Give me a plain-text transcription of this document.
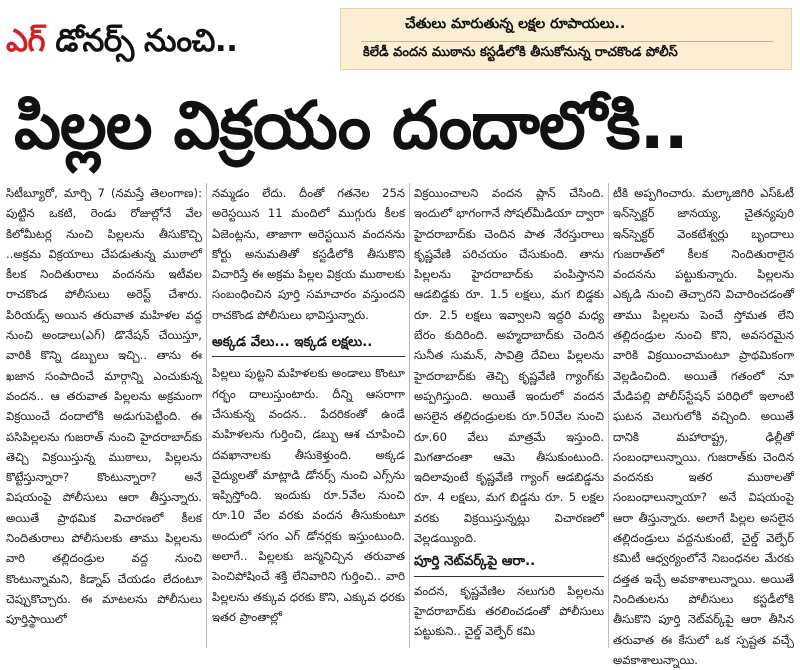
ఎగ్ డోనర్స్ నుంచి..	చేతులు మారుతున్న లక్షల రూపాయలు..
కిలేడీ వందన ముఠాను కస్టడీలోకి తీసుకోనున్న రాచకొండ పోలీస్
పిల్లల విక్రయం దందాలోకి..

సిటీబ్యూరో, మార్చి 7 (నమస్తే తెలంగాణ): పుట్టిన ఒకటి, రెండు రోజుల్లోనే వేల కిలోమీటర్ల నుంచి పిల్లలను తీసుకొచ్చి ..అక్రమ విక్రయాలు చేపడుతున్న ముఠాలో కీలక నిందితురాలు వందనను ఇటీవల రాచకొండ పోలీసులు అరెస్ట్ చేశారు. పిరియడ్స్ అయిన తరువాత మహిళల వద్ద నుంచి అండాలు(ఎగ్) డొనేషన్ చేయిస్తూ, వారికి కొన్ని డబ్బులు ఇచ్చి.. తాను ఈ ఖజాన సంపాదించే మార్గాన్ని ఎంచుకున్న వందన.. ఆ తరువాత పిల్లలను అక్రమంగా విక్రయించే దందాలోకి అడుగుపెట్టింది. ఈ పసిపిల్లలను గుజరాత్ నుంచి హైదరాబాద్‌కు తెచ్చి విక్రయిస్తున్న ముఠాలు, పిల్లలను కొట్టేస్తున్నారా? కొంటున్నారా? అనే విషయంపై పోలీసులు ఆరా తీస్తున్నారు. అయితే ప్రాథమిక విచారణలో కీలక నిందితురాలు పోలీసులకు తాము పిల్లలను వారి తల్లిదండ్రుల వద్ద నుంచి కొంటున్నామని, కిడ్నాప్ చేయడం లేదంటూ చెప్పుకొచ్చారు. ఈ మాటలను పోలీసులు పూర్తిస్థాయిలో

నమ్మడం లేదు. దీంతో గతనెల 25న అరెస్టయిన 11 మందిలో ముగ్గురు కీలక ఏజెంట్లను, తాజాగా అరెస్టయిన వందనను కోర్టు అనుమతితో కస్టడీలోకి తీసుకొని విచారిస్తే ఈ అక్రమ పిల్లల విక్రయ ముఠాలకు సంబంధించిన పూర్తి సమాచారం వస్తుందని రాచకొండ పోలీసులు భావిస్తున్నారు.

అక్కడ వేలు... ఇక్కడ లక్షలు..

పిల్లలు పుట్టని మహిళలకు అండాలు కొంటూ గర్భం దాలుస్తుంటారు. దీన్ని ఆసరాగా చేసుకున్న వందన.. పేదరికంతో ఉండే మహిళలను గుర్తించి, డబ్బు ఆశ చూపించి దవఖానాలకు తీసుకెళ్తుంది. అక్కడ వైద్యులతో మాట్లాడి డోనర్స్ నుంచి ఎగ్స్‌ను ఇప్పిస్తోంది. ఇందుకు రూ.5వేల నుంచి రూ.10 వేల వరకు వందన తీసుకుంటూ అందులో సగం ఎగ్ డోనర్లకు ఇస్తుంటుంది. అలాగే.. పిల్లలకు జన్మనిచ్చిన తరువాత పెంచిపోషించే శక్తి లేనివారిని గుర్తించి.. వారి పిల్లలను తక్కువ ధరకు కొని, ఎక్కువ ధరకు ఇతర ప్రాంతాల్లో

విక్రయించాలని వందన ప్లాన్ చేసింది. ఇందులో భాగంగానే సోషల్‌మీడియా ద్వారా హైదరాబాద్‌కు చెందిన పాత నేరస్తురాలు కృష్ణవేణి పరిచయం చేసుకుంది. తాను పిల్లలను హైదరాబాద్‌కు పంపిస్తానని ఆడబిడ్డకు రూ. 1.5 లక్షలు, మగ బిడ్డకు రూ. 2.5 లక్షలు ఇవ్వాలని ఇద్దరి మధ్య బేరం కుదిరింది. అహ్మదాబాద్‌కు చెందిన సునీత సుమన్, సావిత్రి దేవిలు పిల్లలను హైదరాబాద్‌కు తెచ్చి కృష్ణవేణి గ్యాంగ్‌కు అప్పగిస్తుంది. అయితే ఇందులో వందన అసలైన తల్లిదండ్రులకు రూ.50వేల నుంచి రూ.60 వేలు మాత్రమే ఇస్తుంది. మిగతాదంతా ఆమె తీసుకుంటుంది. ఇదిలావుంటే కృష్ణవేణి గ్యాంగ్ ఆడబిడ్డను రూ. 4 లక్షలు, మగ బిడ్డను రూ. 5 లక్షల వరకు విక్రయిస్తున్నట్లు విచారణలో వెల్లడయ్యింది.

పూర్తి నెట్‌వర్క్‌పై ఆరా..

వందన, కృష్ణవేణిల నలుగురి పిల్లలను హైదరాబాద్‌కు తరలించడంతో పోలీసులు పట్టుకుని.. చైల్డ్ వెల్ఫేర్ కమి

టీకి అప్పగించారు. మల్కాజిగిరి ఎస్ఓటీ ఇన్‌స్పెక్టర్ జానయ్య, చైతన్యపురి ఇన్‌స్పెక్టర్ వెంకటేశ్వర్లు బృందాలు గుజరాత్‌లో కీలక నిందితురాలైన వందనను పట్టుకున్నారు. పిల్లలను ఎక్కడి నుంచి తెచ్చారని విచారించడంతో తాము పిల్లలను పెంచే స్తోమత లేని తల్లిదండ్రుల నుంచి కొని, అవసరమైన వారికి విక్రయించామంటూ ప్రాథమికంగా వెల్లడించింది. అయితే గతంలో నూ మేడిపల్లి పోలీస్‌స్టేషన్ పరిధిలో ఇలాంటి ఘటన వెలుగులోకి వచ్చింది. అయితే దానికి మహారాష్ట్ర, ఢిల్లీతో సంబంధాలున్నాయి. గుజరాత్‌కు చెందిన వందనకు ఇతర ముఠాలతో సంబంధాలున్నాయా? అనే విషయంపై ఆరా తీస్తున్నారు. అలాగే పిల్లల అసలైన తల్లిదండ్రులు వద్దనుకుంటే, చైల్డ్ వెల్ఫేర్ కమిటీ ఆధ్వర్యంలోనే నిబంధనల మేరకు దత్తత ఇచ్చే అవకాశాలున్నాయి. అయితే నిందితులను పోలీసులు కస్టడీలోకి తీసుకొని పూర్తి నెట్‌వర్క్‌పై ఆరా తీసిన తరువాత ఈ కేసులో ఒక స్పష్టత వచ్చే అవకాశాలున్నాయి.
